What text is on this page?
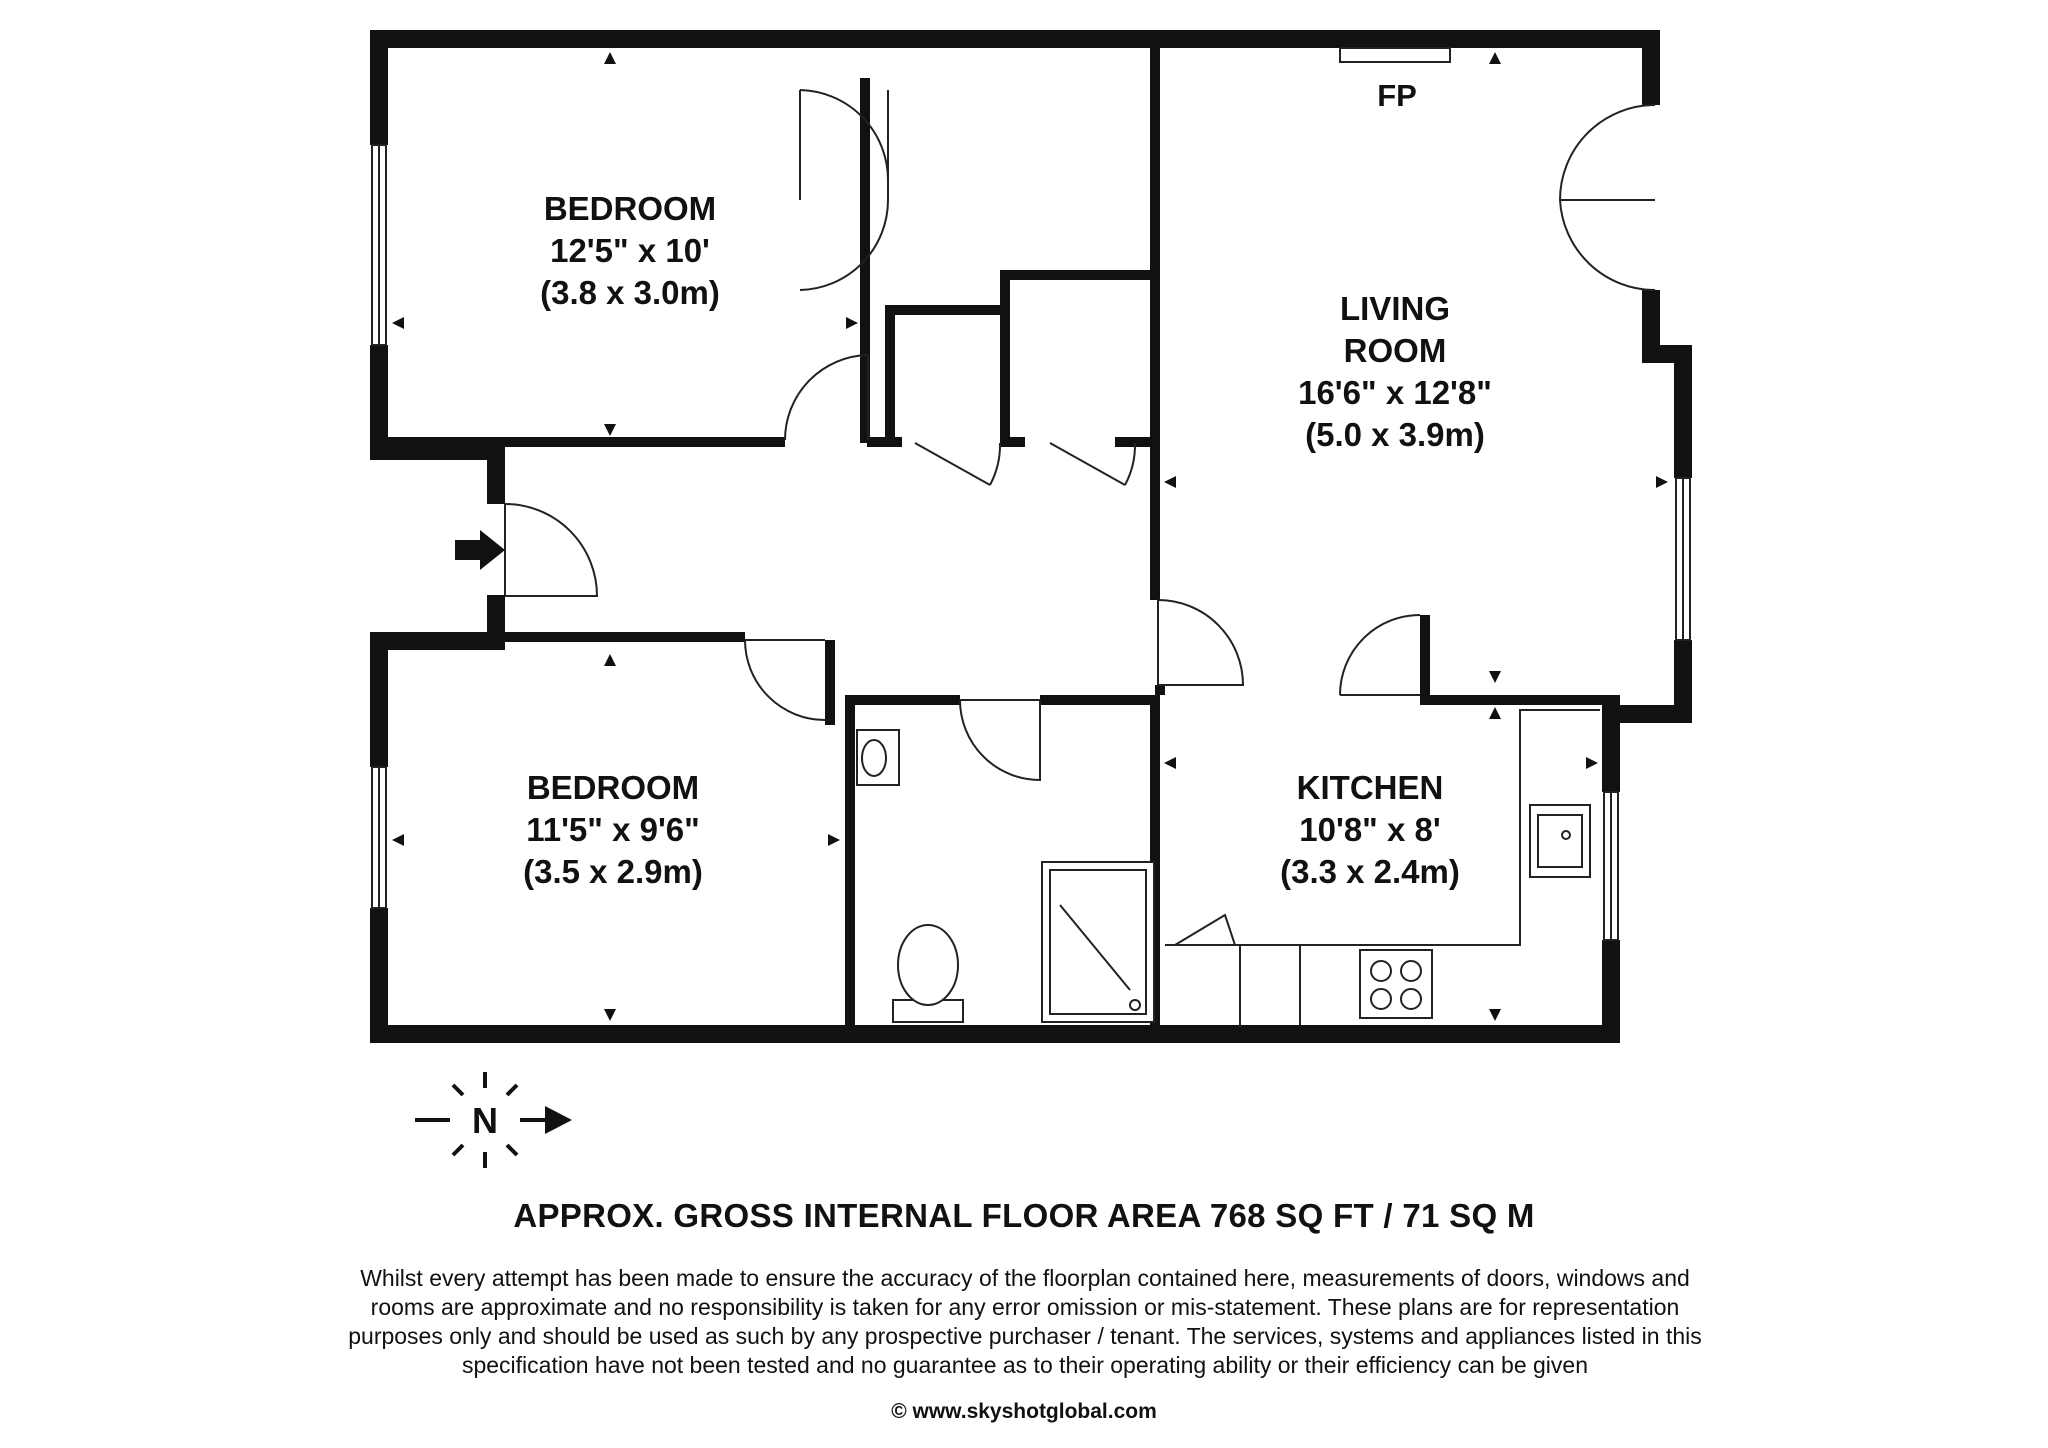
BEDROOM
12'5" x 10'
(3.8 x 3.0m)	LIVING
ROOM
16'6" x 12'8"
(5.0 x 3.9m)
BEDROOM
11'5" x 9'6"
(3.5 x 2.9m)
KITCHEN
10'8" x 8'
(3.3 x 2.4m)
FP
N
APPROX. GROSS INTERNAL FLOOR AREA 768 SQ FT / 71 SQ M
Whilst every attempt has been made to ensure the accuracy of the floorplan contained here, measurements of doors, windows and
rooms are approximate and no responsibility is taken for any error omission or mis-statement. These plans are for representation
purposes only and should be used as such by any prospective purchaser / tenant. The services, systems and appliances listed in this
specification have not been tested and no guarantee as to their operating ability or their efficiency can be given
© www.skyshotglobal.com
